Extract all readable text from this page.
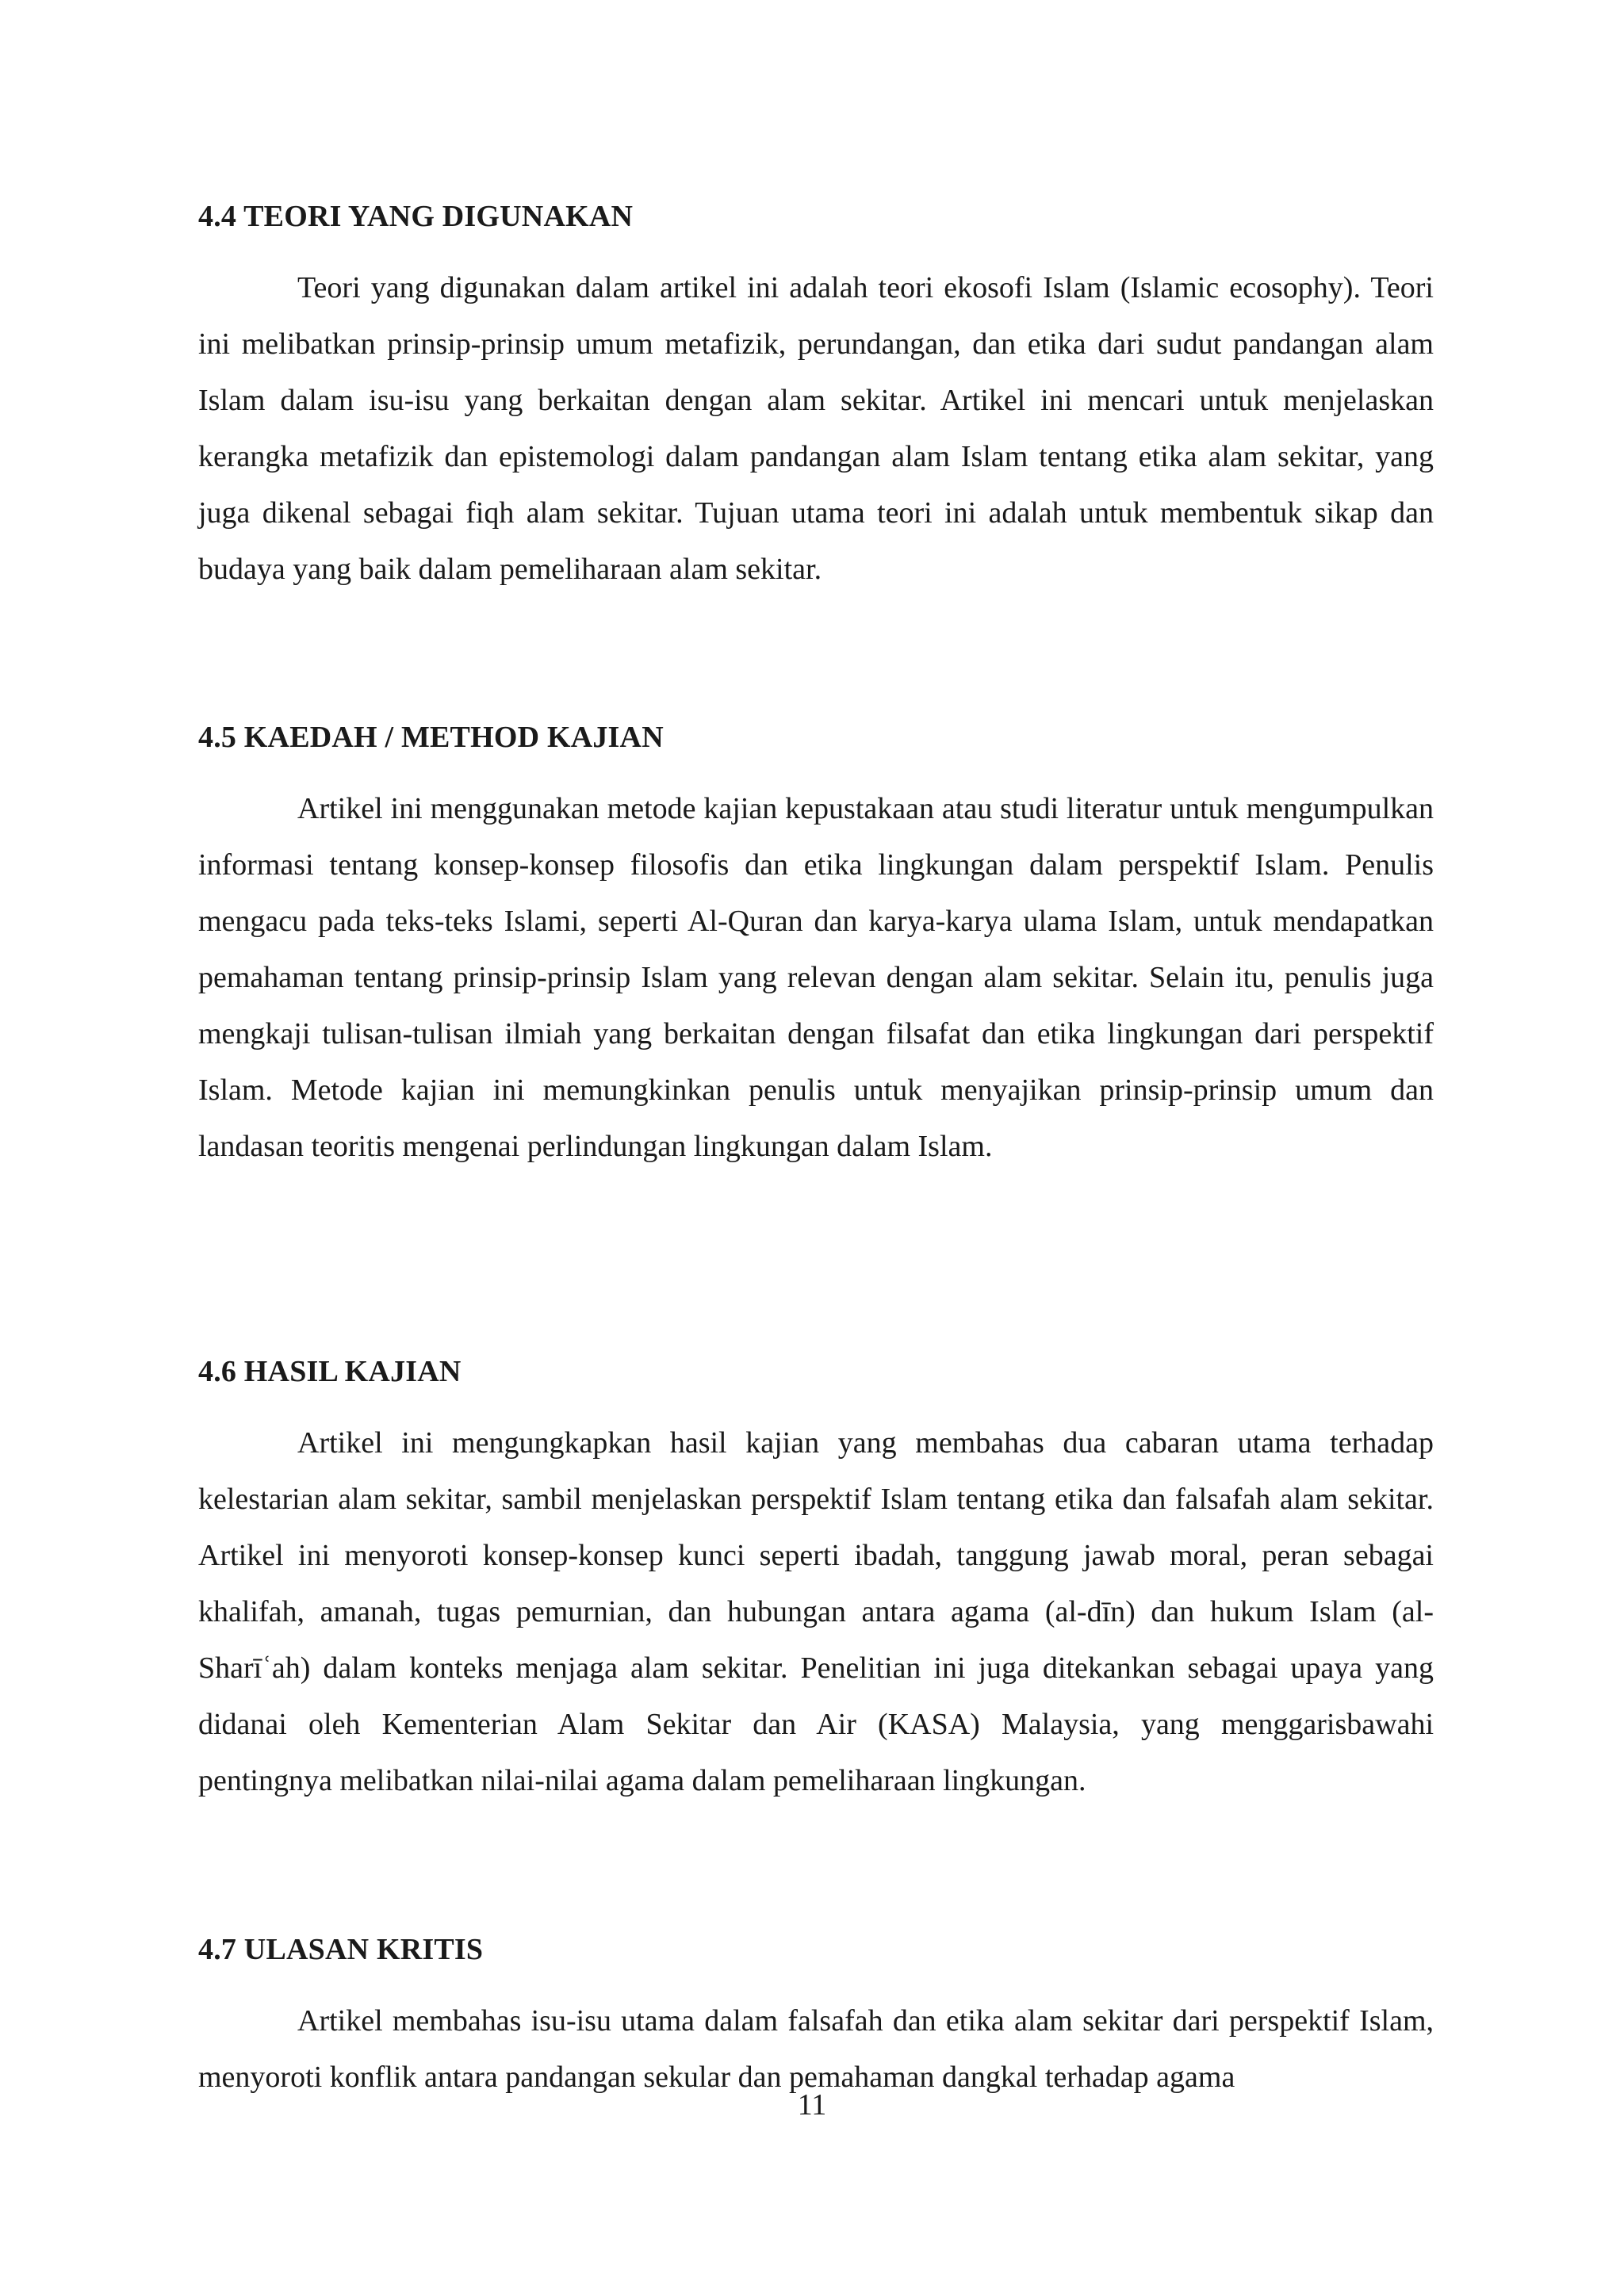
4.4 TEORI YANG DIGUNAKAN

Teori yang digunakan dalam artikel ini adalah teori ekosofi Islam (Islamic ecosophy). Teori ini melibatkan prinsip-prinsip umum metafizik, perundangan, dan etika dari sudut pandangan alam Islam dalam isu-isu yang berkaitan dengan alam sekitar. Artikel ini mencari untuk menjelaskan kerangka metafizik dan epistemologi dalam pandangan alam Islam tentang etika alam sekitar, yang juga dikenal sebagai fiqh alam sekitar. Tujuan utama teori ini adalah untuk membentuk sikap dan budaya yang baik dalam pemeliharaan alam sekitar.

4.5 KAEDAH / METHOD KAJIAN

Artikel ini menggunakan metode kajian kepustakaan atau studi literatur untuk mengumpulkan informasi tentang konsep-konsep filosofis dan etika lingkungan dalam perspektif Islam. Penulis mengacu pada teks-teks Islami, seperti Al-Quran dan karya-karya ulama Islam, untuk mendapatkan pemahaman tentang prinsip-prinsip Islam yang relevan dengan alam sekitar. Selain itu, penulis juga mengkaji tulisan-tulisan ilmiah yang berkaitan dengan filsafat dan etika lingkungan dari perspektif Islam. Metode kajian ini memungkinkan penulis untuk menyajikan prinsip-prinsip umum dan landasan teoritis mengenai perlindungan lingkungan dalam Islam.

4.6 HASIL KAJIAN

Artikel ini mengungkapkan hasil kajian yang membahas dua cabaran utama terhadap kelestarian alam sekitar, sambil menjelaskan perspektif Islam tentang etika dan falsafah alam sekitar. Artikel ini menyoroti konsep-konsep kunci seperti ibadah, tanggung jawab moral, peran sebagai khalifah, amanah, tugas pemurnian, dan hubungan antara agama (al-dīn) dan hukum Islam (al-Sharīʿah) dalam konteks menjaga alam sekitar. Penelitian ini juga ditekankan sebagai upaya yang didanai oleh Kementerian Alam Sekitar dan Air (KASA) Malaysia, yang menggarisbawahi pentingnya melibatkan nilai-nilai agama dalam pemeliharaan lingkungan.

4.7 ULASAN KRITIS

Artikel membahas isu-isu utama dalam falsafah dan etika alam sekitar dari perspektif Islam, menyoroti konflik antara pandangan sekular dan pemahaman dangkal terhadap agama

11
